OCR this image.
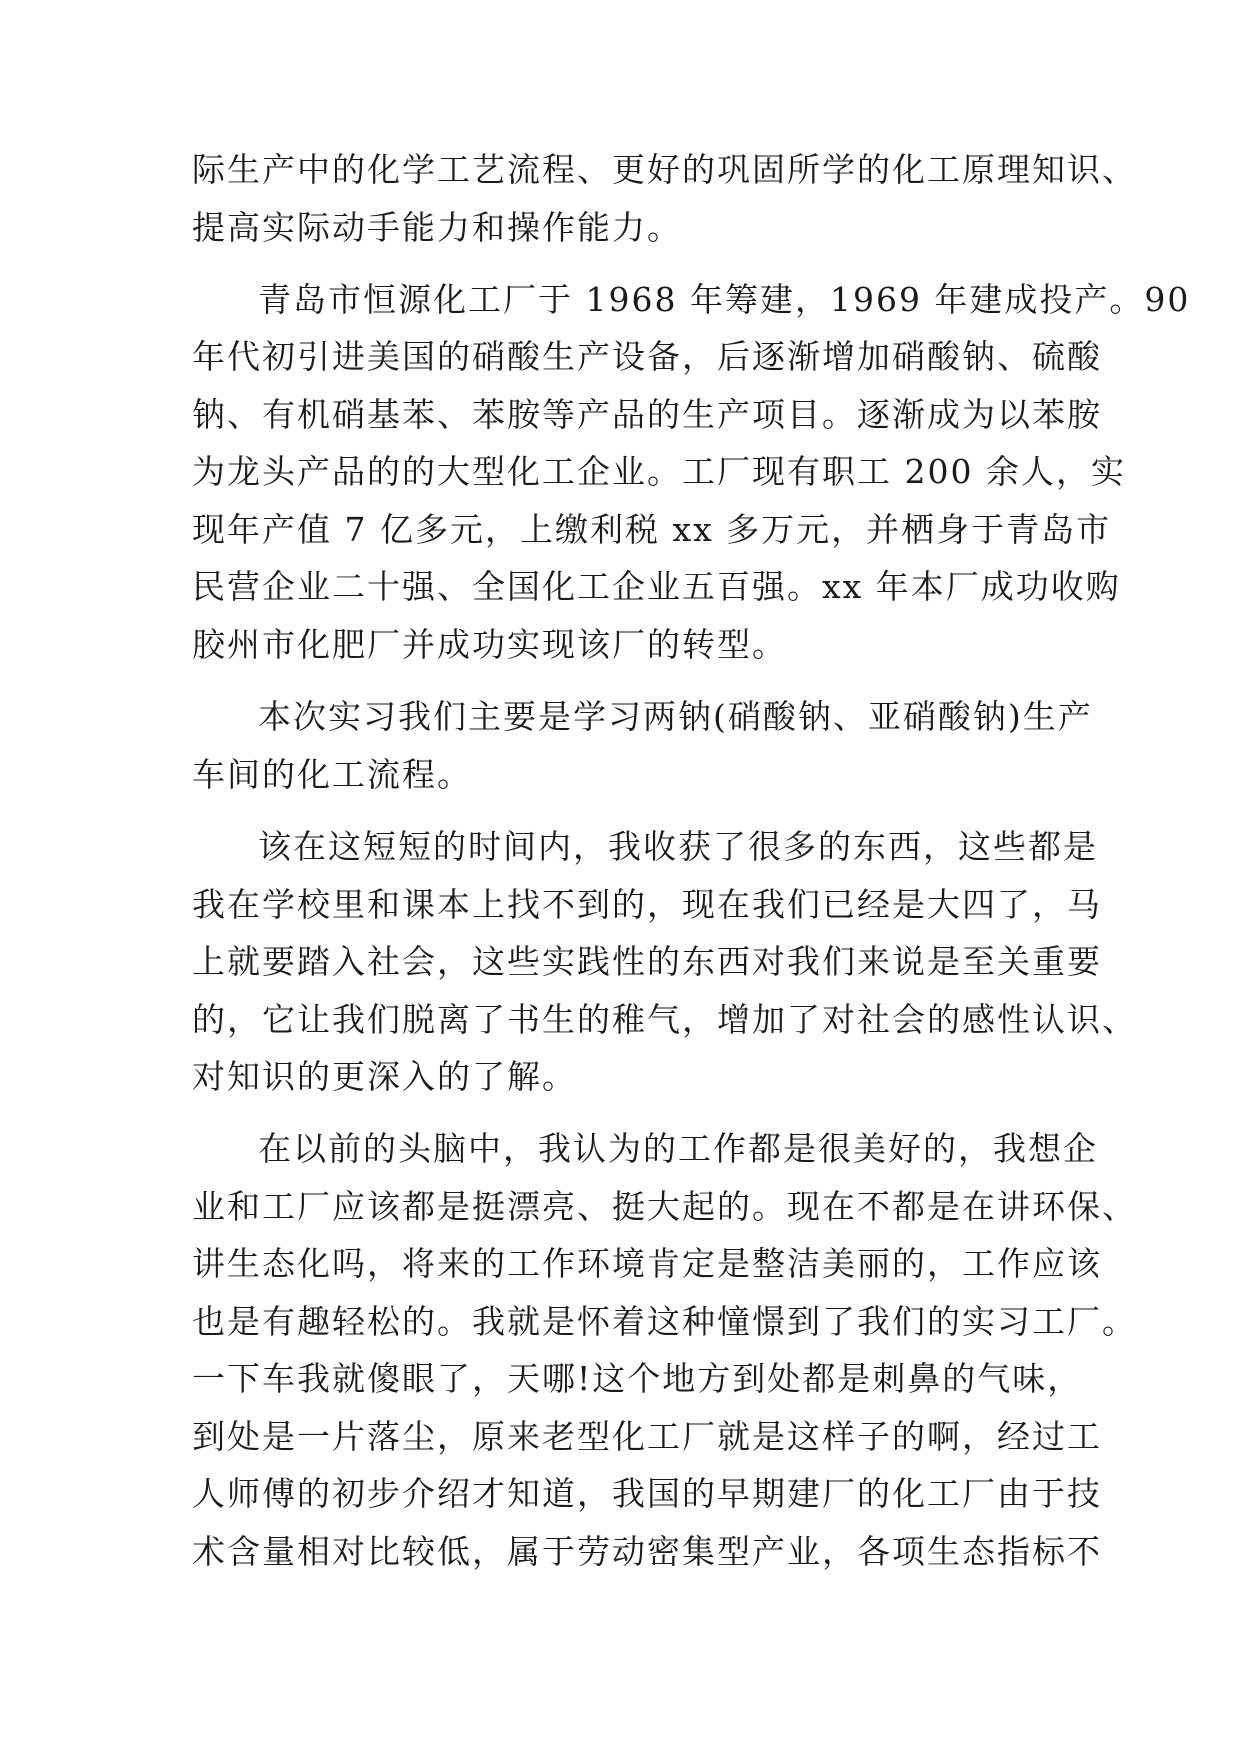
际生产中的化学工艺流程、更好的巩固所学的化工原理知识、
提高实际动手能力和操作能力。
青岛市恒源化工厂于 1968 年筹建，1969 年建成投产。90
年代初引进美国的硝酸生产设备，后逐渐增加硝酸钠、硫酸
钠、有机硝基苯、苯胺等产品的生产项目。逐渐成为以苯胺
为龙头产品的的大型化工企业。工厂现有职工 200 余人，实
现年产值 7 亿多元，上缴利税 xx 多万元，并栖身于青岛市
民营企业二十强、全国化工企业五百强。xx 年本厂成功收购
胶州市化肥厂并成功实现该厂的转型。
本次实习我们主要是学习两钠(硝酸钠、亚硝酸钠)生产
车间的化工流程。
该在这短短的时间内，我收获了很多的东西，这些都是
我在学校里和课本上找不到的，现在我们已经是大四了，马
上就要踏入社会，这些实践性的东西对我们来说是至关重要
的，它让我们脱离了书生的稚气，增加了对社会的感性认识、
对知识的更深入的了解。
在以前的头脑中，我认为的工作都是很美好的，我想企
业和工厂应该都是挺漂亮、挺大起的。现在不都是在讲环保、
讲生态化吗，将来的工作环境肯定是整洁美丽的，工作应该
也是有趣轻松的。我就是怀着这种憧憬到了我们的实习工厂。
一下车我就傻眼了，天哪!这个地方到处都是刺鼻的气味，
到处是一片落尘，原来老型化工厂就是这样子的啊，经过工
人师傅的初步介绍才知道，我国的早期建厂的化工厂由于技
术含量相对比较低，属于劳动密集型产业，各项生态指标不
